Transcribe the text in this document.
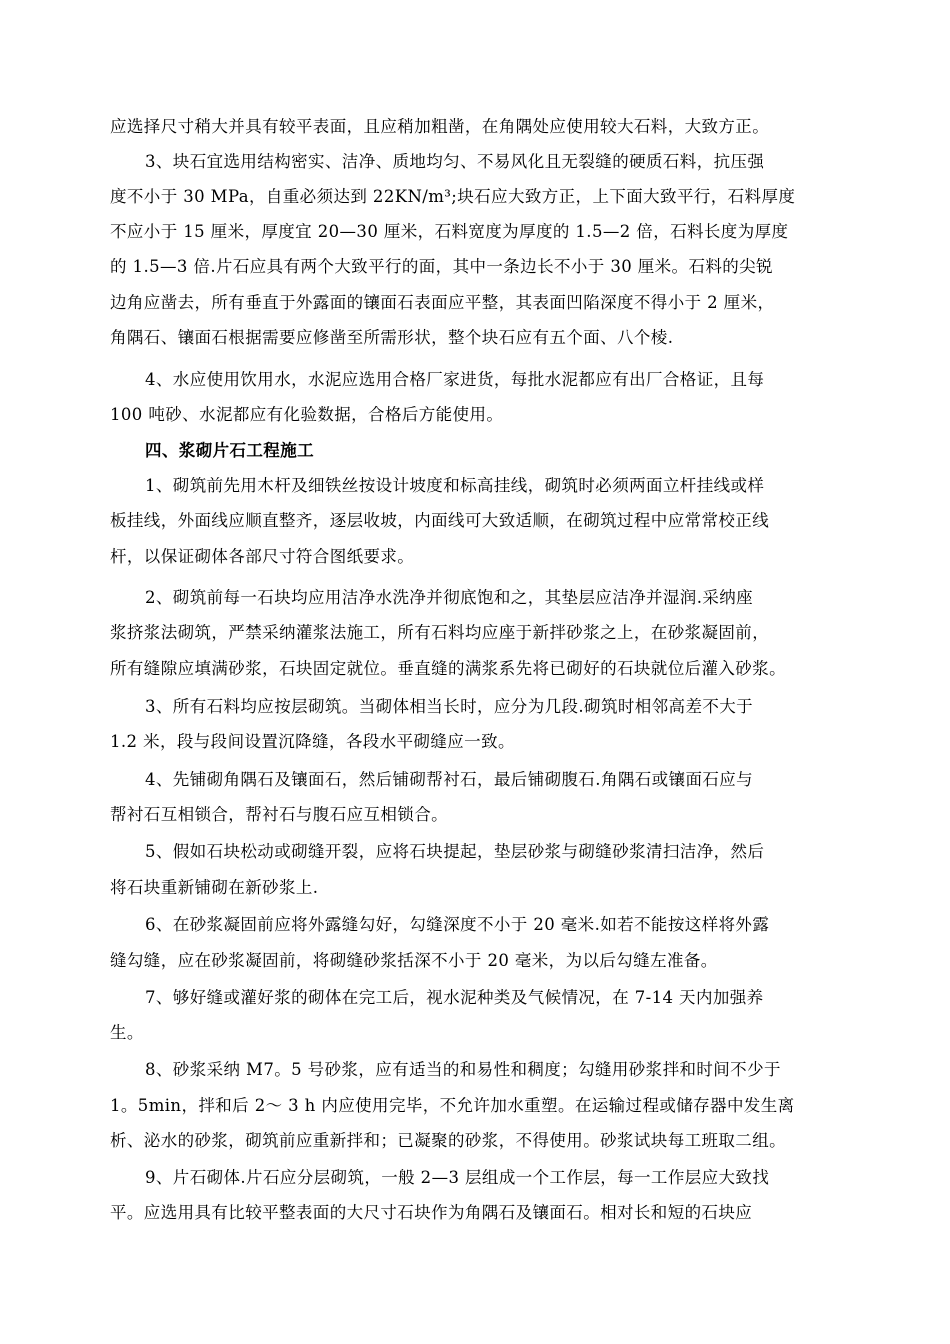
应选择尺寸稍大并具有较平表面，且应稍加粗凿，在角隅处应使用较大石料，大致方正。
3、块石宜选用结构密实、洁净、质地均匀、不易风化且无裂缝的硬质石料，抗压强
度不小于 30 MPa，自重必须达到 22KN/m³;块石应大致方正，上下面大致平行，石料厚度
不应小于 15 厘米，厚度宜 20—30 厘米，石料宽度为厚度的 1.5—2 倍，石料长度为厚度
的 1.5—3 倍.片石应具有两个大致平行的面，其中一条边长不小于 30 厘米。石料的尖锐
边角应凿去，所有垂直于外露面的镶面石表面应平整，其表面凹陷深度不得小于 2 厘米，
角隅石、镶面石根据需要应修凿至所需形状，整个块石应有五个面、八个棱.
4、水应使用饮用水，水泥应选用合格厂家进货，每批水泥都应有出厂合格证，且每
100 吨砂、水泥都应有化验数据，合格后方能使用。
四、浆砌片石工程施工
1、砌筑前先用木杆及细铁丝按设计坡度和标高挂线，砌筑时必须两面立杆挂线或样
板挂线，外面线应顺直整齐，逐层收坡，内面线可大致适顺，在砌筑过程中应常常校正线
杆，以保证砌体各部尺寸符合图纸要求。
2、砌筑前每一石块均应用洁净水洗净并彻底饱和之，其垫层应洁净并湿润.采纳座
浆挤浆法砌筑，严禁采纳灌浆法施工，所有石料均应座于新拌砂浆之上，在砂浆凝固前，
所有缝隙应填满砂浆，石块固定就位。垂直缝的满浆系先将已砌好的石块就位后灌入砂浆。
3、所有石料均应按层砌筑。当砌体相当长时，应分为几段.砌筑时相邻高差不大于
1.2 米，段与段间设置沉降缝，各段水平砌缝应一致。
4、先铺砌角隅石及镶面石，然后铺砌帮衬石，最后铺砌腹石.角隅石或镶面石应与
帮衬石互相锁合，帮衬石与腹石应互相锁合。
5、假如石块松动或砌缝开裂，应将石块提起，垫层砂浆与砌缝砂浆清扫洁净，然后
将石块重新铺砌在新砂浆上.
6、在砂浆凝固前应将外露缝勾好，勾缝深度不小于 20 毫米.如若不能按这样将外露
缝勾缝，应在砂浆凝固前，将砌缝砂浆括深不小于 20 毫米，为以后勾缝左准备。
7、够好缝或灌好浆的砌体在完工后，视水泥种类及气候情况，在 7-14 天内加强养
生。
8、砂浆采纳 M7。5 号砂浆，应有适当的和易性和稠度；勾缝用砂浆拌和时间不少于
1。5min，拌和后 2～ 3 h 内应使用完毕，不允许加水重塑。在运输过程或储存器中发生离
析、泌水的砂浆，砌筑前应重新拌和；已凝聚的砂浆，不得使用。砂浆试块每工班取二组。
9、片石砌体.片石应分层砌筑，一般 2—3 层组成一个工作层，每一工作层应大致找
平。应选用具有比较平整表面的大尺寸石块作为角隅石及镶面石。相对长和短的石块应
